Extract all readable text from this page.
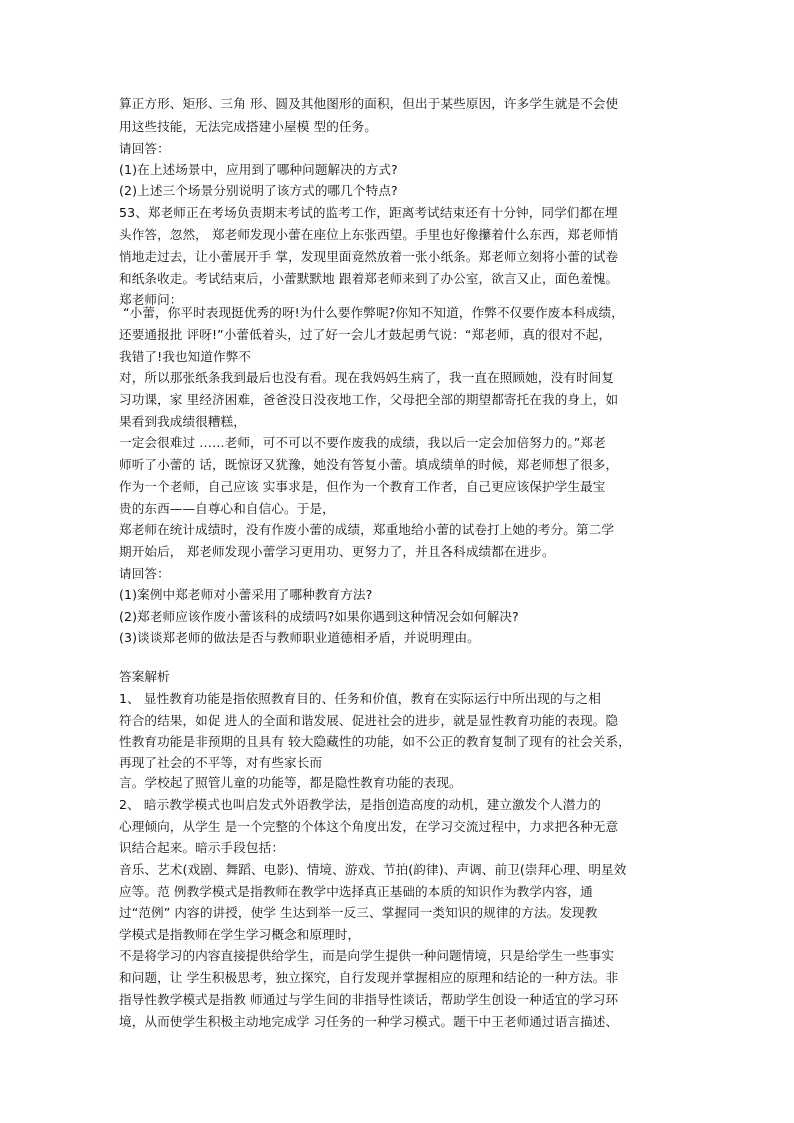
算正方形、矩形、三角 形、圆及其他图形的面积，但出于某些原因，许多学生就是不会使
用这些技能，无法完成搭建小屋模 型的任务。
请回答：
(1)在上述场景中，应用到了哪种问题解决的方式?
(2)上述三个场景分别说明了该方式的哪几个特点?
53、郑老师正在考场负责期末考试的监考工作，距离考试结束还有十分钟，同学们都在埋
头作答，忽然， 郑老师发现小蕾在座位上东张西望。手里也好像攥着什么东西，郑老师悄
悄地走过去，让小蕾展开手 掌，发现里面竟然放着一张小纸条。郑老师立刻将小蕾的试卷
和纸条收走。考试结束后，小蕾默默地 跟着郑老师来到了办公室，欲言又止，面色羞愧。
郑老师问：
“小蕾，你平时表现挺优秀的呀!为什么要作弊呢?你知不知道，作弊不仅要作废本科成绩，
还要通报批 评呀!”小蕾低着头，过了好一会儿才鼓起勇气说：“郑老师，真的很对不起，
我错了!我也知道作弊不
对，所以那张纸条我到最后也没有看。现在我妈妈生病了，我一直在照顾她，没有时间复
习功课，家 里经济困难，爸爸没日没夜地工作，父母把全部的期望都寄托在我的身上，如
果看到我成绩很糟糕，
一定会很难过 ……老师，可不可以不要作废我的成绩，我以后一定会加倍努力的。”郑老
师听了小蕾的 话，既惊讶又犹豫，她没有答复小蕾。填成绩单的时候，郑老师想了很多，
作为一个老师，自己应该 实事求是，但作为一个教育工作者，自己更应该保护学生最宝
贵的东西——自尊心和自信心。于是，
郑老师在统计成绩时，没有作废小蕾的成绩，郑重地给小蕾的试卷打上她的考分。第二学
期开始后， 郑老师发现小蕾学习更用功、更努力了，并且各科成绩都在进步。
请回答：
(1)案例中郑老师对小蕾采用了哪种教育方法?
(2)郑老师应该作废小蕾该科的成绩吗?如果你遇到这种情况会如何解决?
(3)谈谈郑老师的做法是否与教师职业道德相矛盾，并说明理由。
答案解析
1、 显性教育功能是指依照教育目的、任务和价值，教育在实际运行中所出现的与之相
符合的结果，如促 进人的全面和谐发展、促进社会的进步，就是显性教育功能的表现。隐
性教育功能是非预期的且具有 较大隐藏性的功能，如不公正的教育复制了现有的社会关系，
再现了社会的不平等，对有些家长而
言。学校起了照管儿童的功能等，都是隐性教育功能的表现。
2、 暗示教学模式也叫启发式外语教学法，是指创造高度的动机，建立激发个人潜力的
心理倾向，从学生 是一个完整的个体这个角度出发，在学习交流过程中，力求把各种无意
识结合起来。暗示手段包括：
音乐、艺术(戏剧、舞蹈、电影)、情境、游戏、节拍(韵律)、声调、前卫(崇拜心理、明星效
应等。范 例教学模式是指教师在教学中选择真正基础的本质的知识作为教学内容，通
过“范例” 内容的讲授，使学 生达到举一反三、掌握同一类知识的规律的方法。发现教
学模式是指教师在学生学习概念和原理时，
不是将学习的内容直接提供给学生，而是向学生提供一种问题情境，只是给学生一些事实
和问题，让 学生积极思考，独立探究，自行发现并掌握相应的原理和结论的一种方法。非
指导性教学模式是指教 师通过与学生间的非指导性谈话，帮助学生创设一种适宜的学习环
境，从而使学生积极主动地完成学 习任务的一种学习模式。题干中王老师通过语言描述、
